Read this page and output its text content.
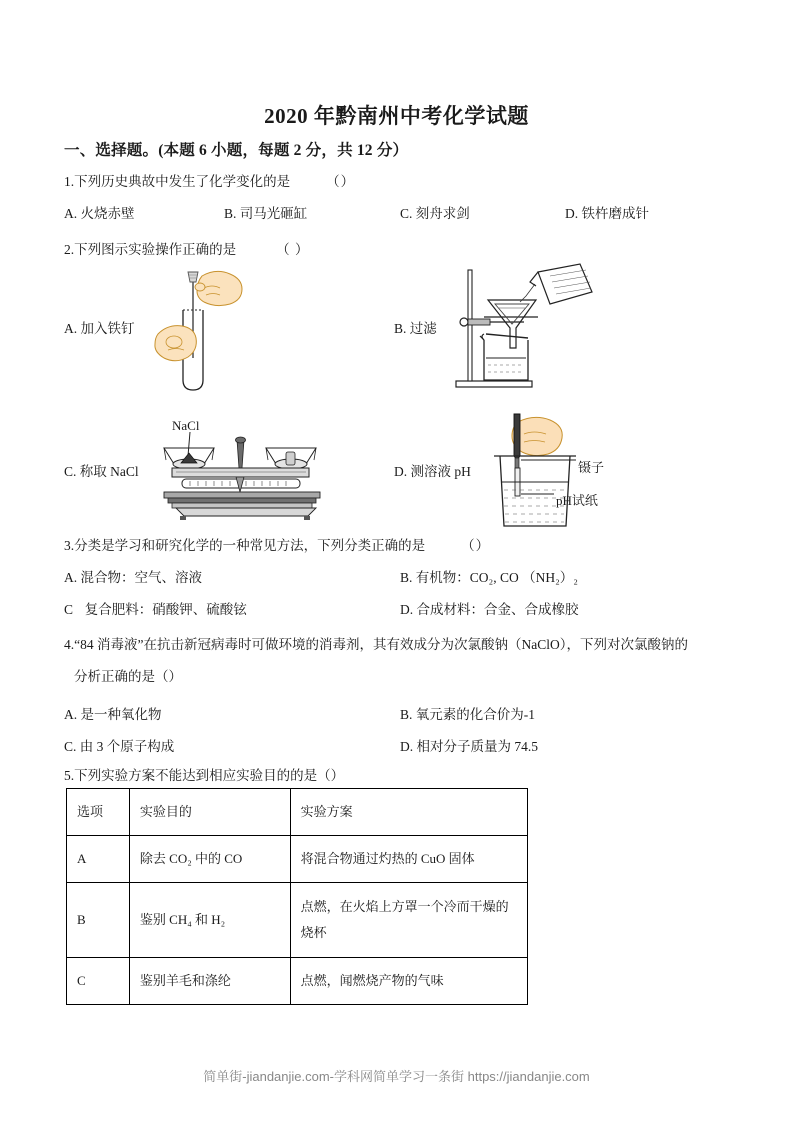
2020 年黔南州中考化学试题
一、选择题。(本题 6 小题，每题 2 分，共 12 分）
1.下列历史典故中发生了化学变化的是	（）
A. 火烧赤壁	B. 司马光砸缸	C. 刻舟求剑	D. 铁杵磨成针
2.下列图示实验操作正确的是	（ ）
A. 加入铁钉	B. 过滤
C. 称取 NaCl
NaCl
D. 测溶液 pH	镊子
pH试纸
3.分类是学习和研究化学的一种常见方法，下列分类正确的是	（）
A. 混合物：空气、溶液	B. 有机物：CO₂, CO （NH₂）₂
C 复合肥料：硝酸钾、硫酸铉	D. 合成材料：合金、合成橡胶
4.“84 消毒液”在抗击新冠病毒时可做环境的消毒剂，其有效成分为次氯酸钠（NaClO），下列对次氯酸钠的
分析正确的是（）
A. 是一种氧化物	B. 氧元素的化合价为-1
C. 由 3 个原子构成	D. 相对分子质量为 74.5
5.下列实验方案不能达到相应实验目的的是（）
选项	实验目的	实验方案
A	除去 CO₂ 中的 CO	将混合物通过灼热的 CuO 固体
B	鉴别 CH₄ 和 H₂	点燃，在火焰上方罩一个冷而干燥的烧杯
C	鉴别羊毛和涤纶	点燃，闻燃烧产物的气味
简单街-jiandanjie.com-学科网简单学习一条街 https://jiandanjie.com
